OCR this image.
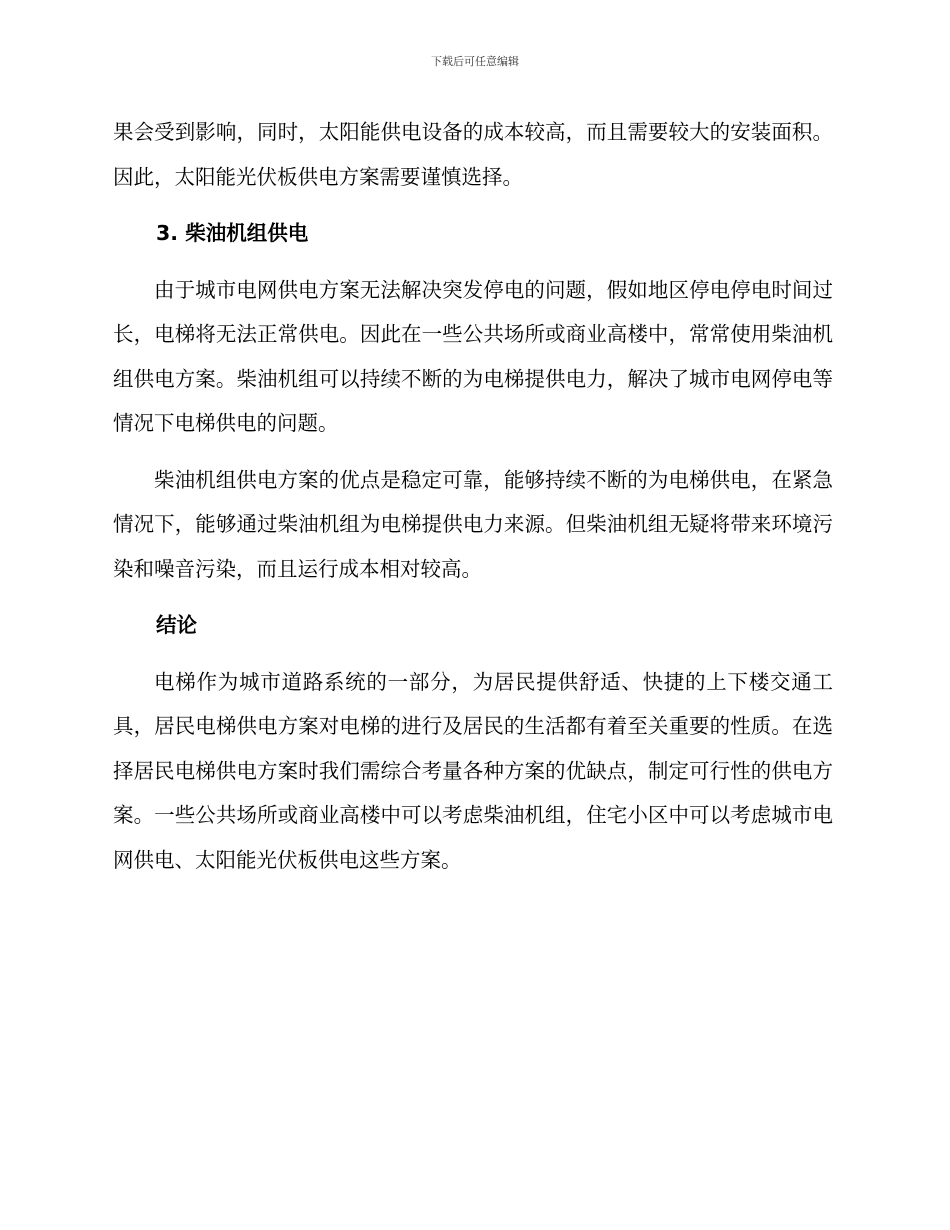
下载后可任意编辑

果会受到影响，同时，太阳能供电设备的成本较高，而且需要较大的安装面积。因此，太阳能光伏板供电方案需要谨慎选择。

3. 柴油机组供电

由于城市电网供电方案无法解决突发停电的问题，假如地区停电停电时间过长，电梯将无法正常供电。因此在一些公共场所或商业高楼中，常常使用柴油机组供电方案。柴油机组可以持续不断的为电梯提供电力，解决了城市电网停电等情况下电梯供电的问题。

柴油机组供电方案的优点是稳定可靠，能够持续不断的为电梯供电，在紧急情况下，能够通过柴油机组为电梯提供电力来源。但柴油机组无疑将带来环境污染和噪音污染，而且运行成本相对较高。

结论

电梯作为城市道路系统的一部分，为居民提供舒适、快捷的上下楼交通工具，居民电梯供电方案对电梯的进行及居民的生活都有着至关重要的性质。在选择居民电梯供电方案时我们需综合考量各种方案的优缺点，制定可行性的供电方案。一些公共场所或商业高楼中可以考虑柴油机组，住宅小区中可以考虑城市电网供电、太阳能光伏板供电这些方案。
